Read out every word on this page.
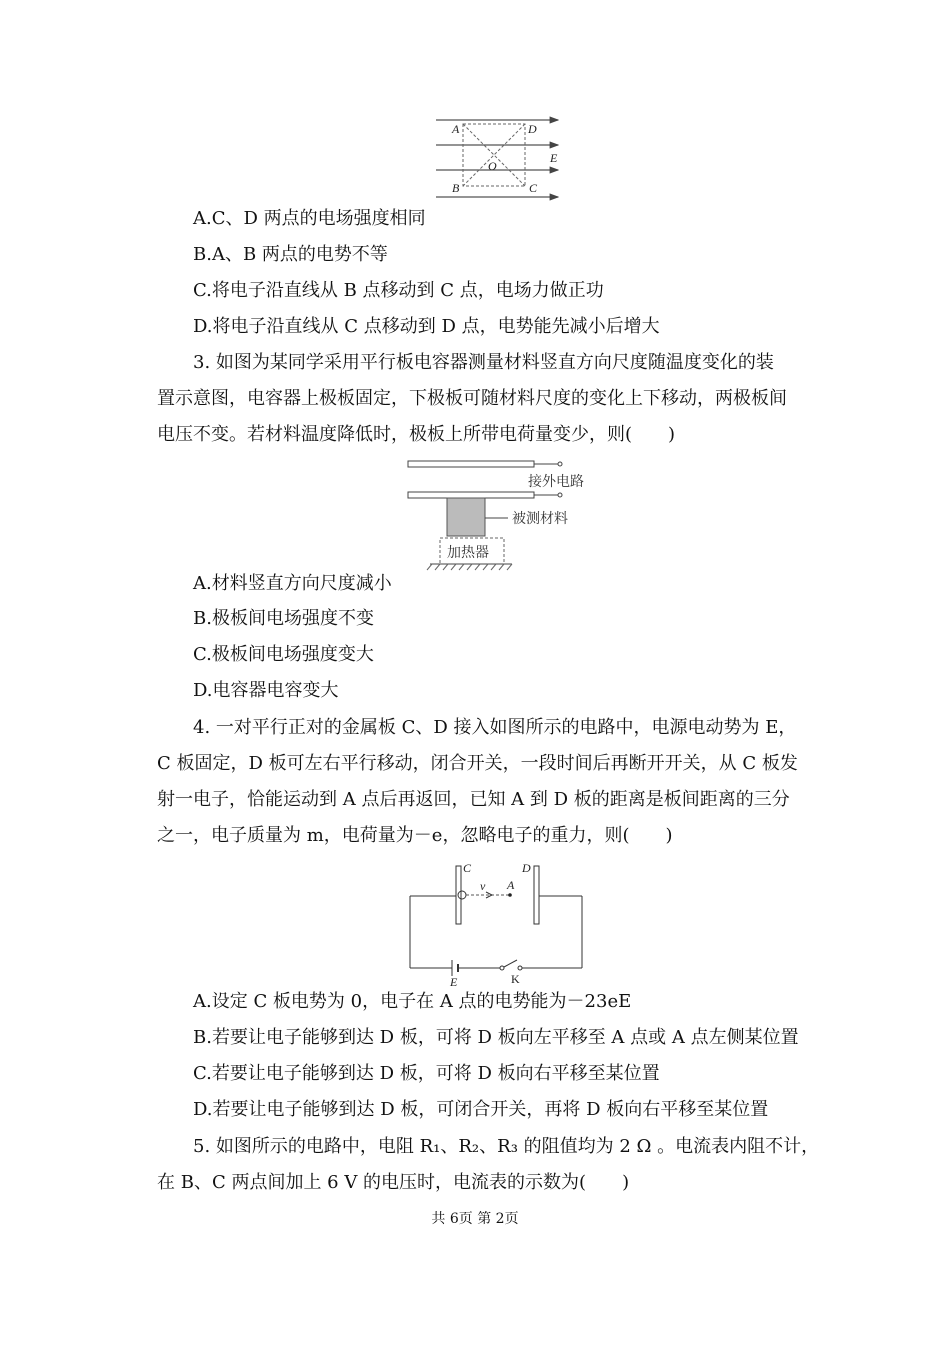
A	D
O
E
B	C
A.C、D 两点的电场强度相同
B.A、B 两点的电势不等
C.将电子沿直线从 B 点移动到 C 点，电场力做正功
D.将电子沿直线从 C 点移动到 D 点，电势能先减小后增大
3. 如图为某同学采用平行板电容器测量材料竖直方向尺度随温度变化的装
置示意图，电容器上极板固定，下极板可随材料尺度的变化上下移动，两极板间
电压不变。若材料温度降低时，极板上所带电荷量变少，则(　　)
接外电路
被测材料
加热器
A.材料竖直方向尺度减小
B.极板间电场强度不变
C.极板间电场强度变大
D.电容器电容变大
4. 一对平行正对的金属板 C、D 接入如图所示的电路中，电源电动势为 E，
C 板固定，D 板可左右平行移动，闭合开关，一段时间后再断开开关，从 C 板发
射一电子，恰能运动到 A 点后再返回，已知 A 到 D 板的距离是板间距离的三分
之一，电子质量为 m，电荷量为－e，忽略电子的重力，则(　　)
C	D
v A
E	K
A.设定 C 板电势为 0，电子在 A 点的电势能为－23eE
B.若要让电子能够到达 D 板，可将 D 板向左平移至 A 点或 A 点左侧某位置
C.若要让电子能够到达 D 板，可将 D 板向右平移至某位置
D.若要让电子能够到达 D 板，可闭合开关，再将 D 板向右平移至某位置
5. 如图所示的电路中，电阻 R₁、R₂、R₃ 的阻值均为 2 Ω 。电流表内阻不计，
在 B、C 两点间加上 6 V 的电压时，电流表的示数为(　　)
共 6页 第 2页
